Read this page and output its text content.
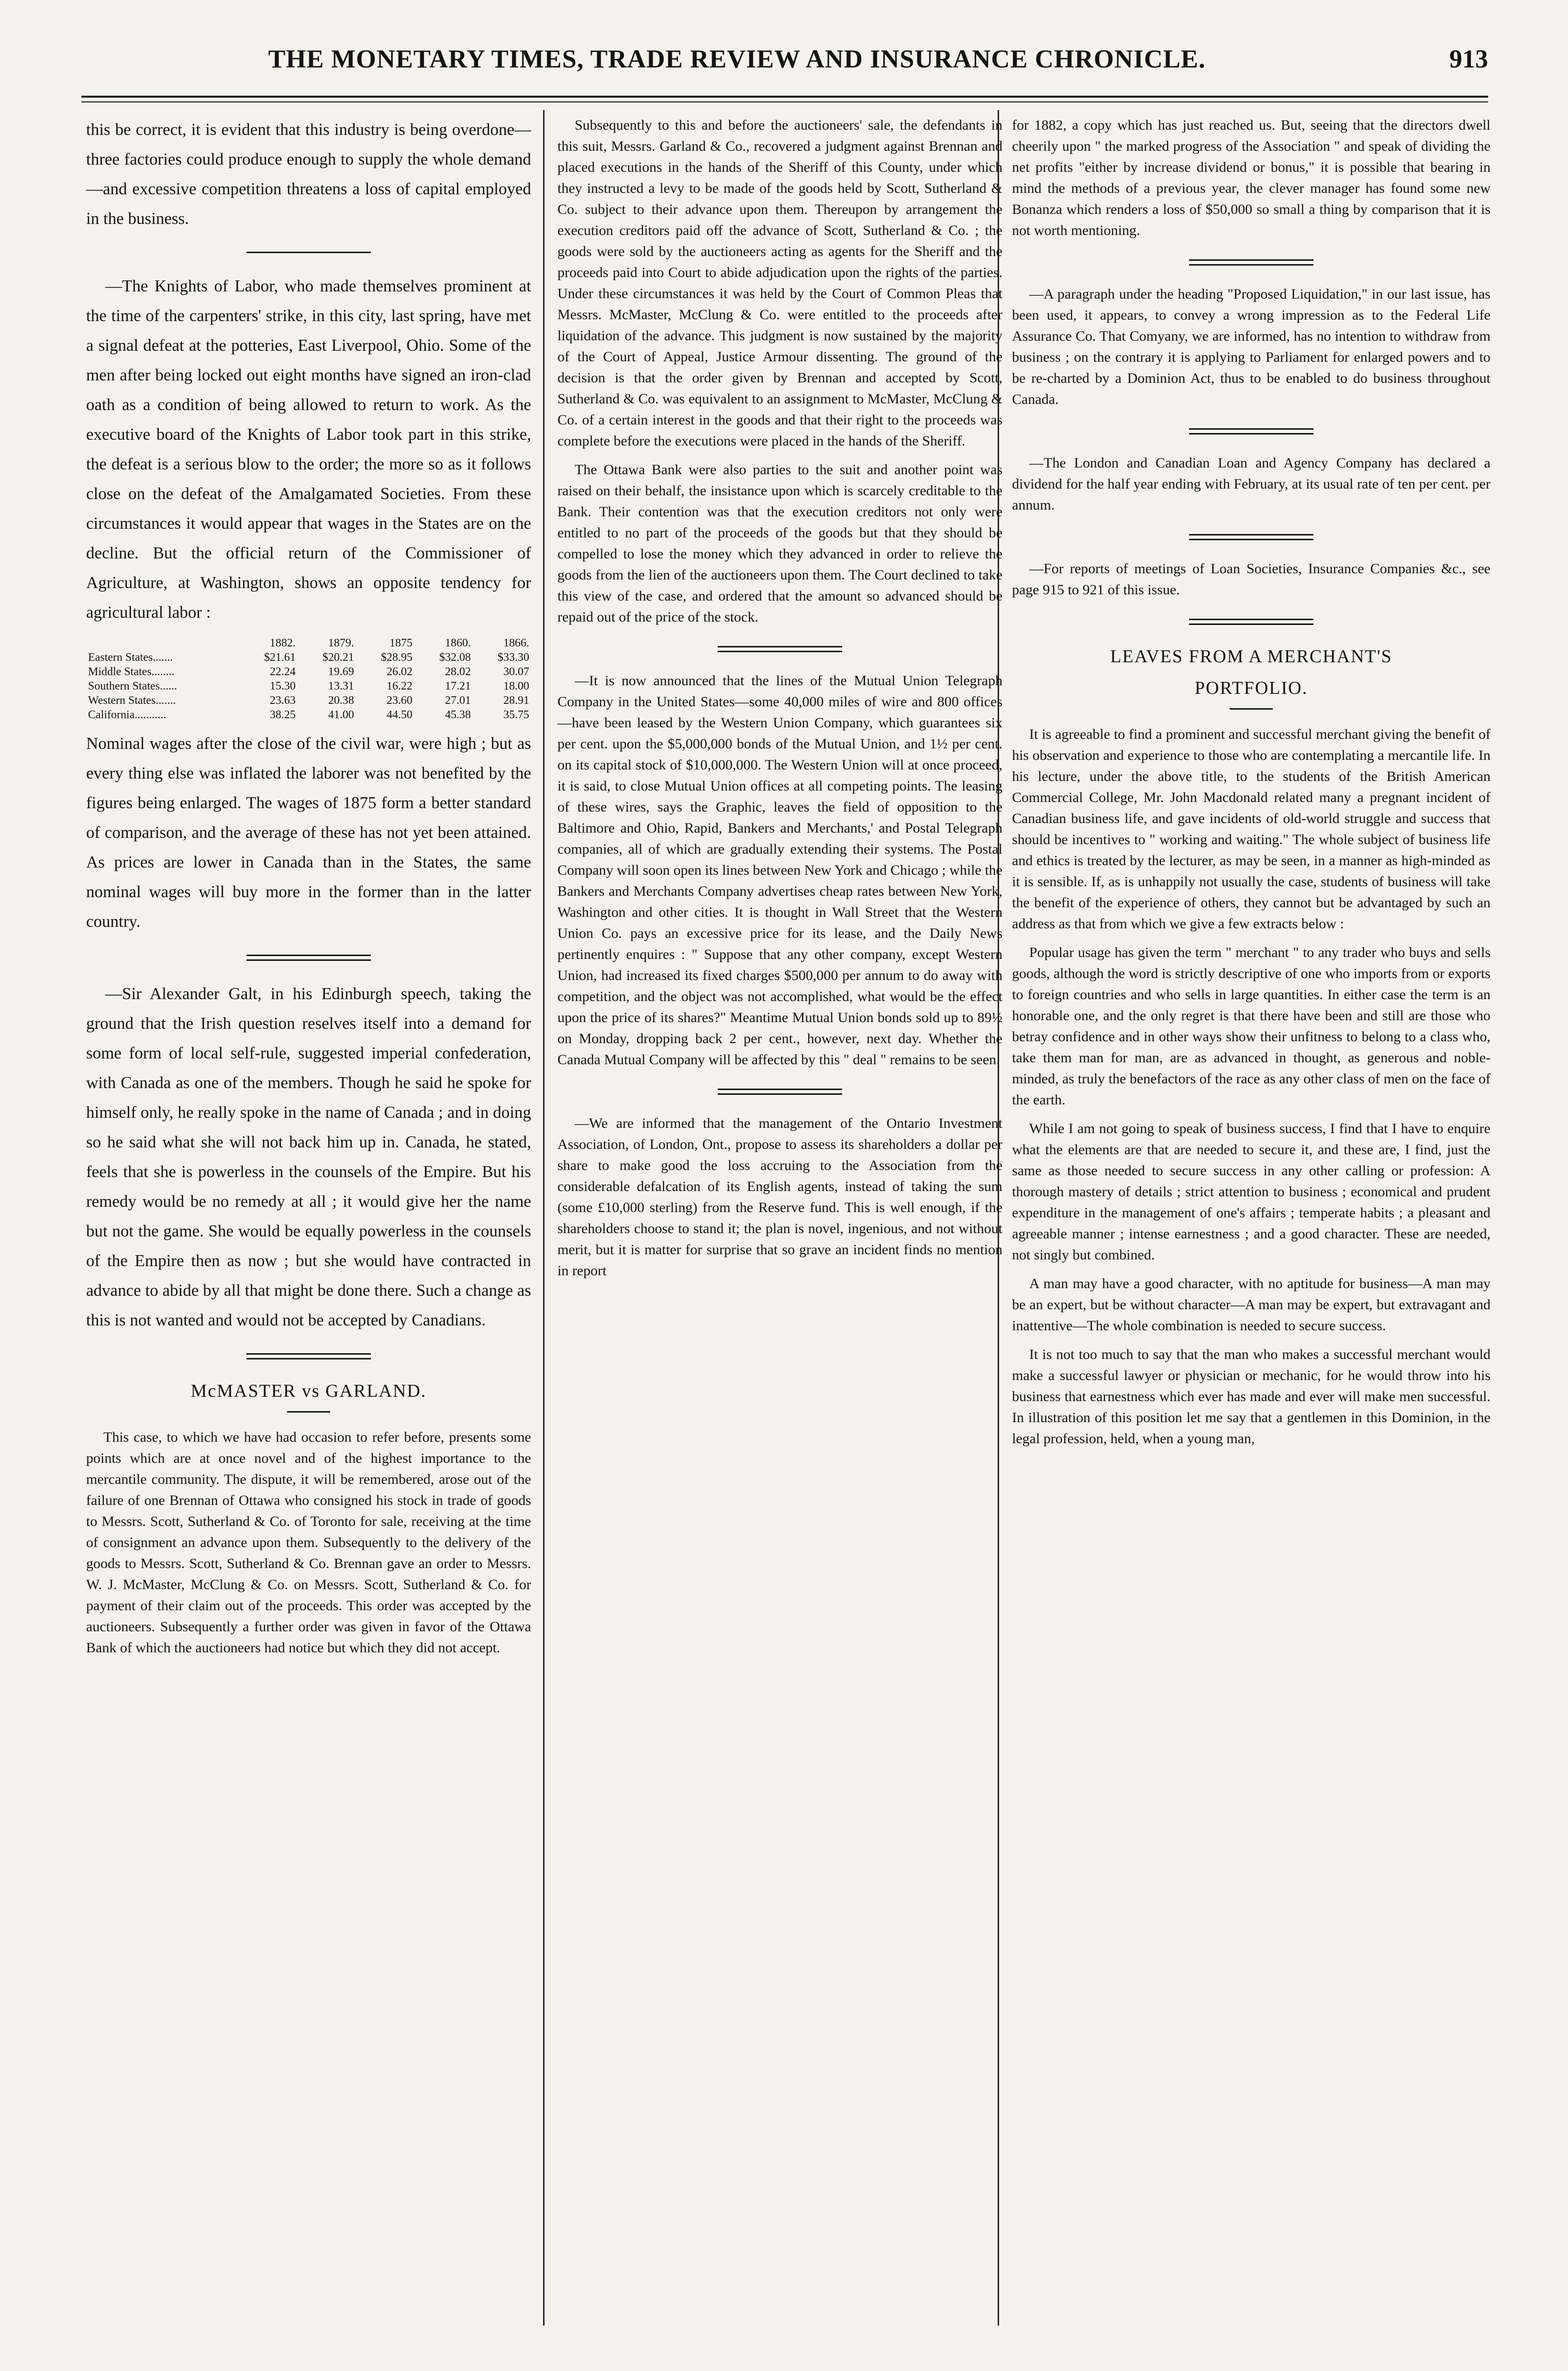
THE MONETARY TIMES, TRADE REVIEW AND INSURANCE CHRONICLE.	913

this be correct, it is evident that this industry is being overdone—three factories could produce enough to supply the whole demand —and excessive competition threatens a loss of capital employed in the business.

—The Knights of Labor, who made themselves prominent at the time of the carpenters' strike, in this city, last spring, have met a signal defeat at the potteries, East Liverpool, Ohio. Some of the men after being locked out eight months have signed an iron-clad oath as a condition of being allowed to return to work. As the executive board of the Knights of Labor took part in this strike, the defeat is a serious blow to the order; the more so as it follows close on the defeat of the Amalgamated Societies. From these circumstances it would appear that wages in the States are on the decline. But the official return of the Commissioner of Agriculture, at Washington, shows an opposite tendency for agricultural labor :

	1882.	1879.	1875	1860.	1866.
Eastern States.......	$21.61	$20.21	$28.95	$32.08	$33.30
Middle States........	22.24	19.69	26.02	28.02	30.07
Southern States......	15.30	13.31	16.22	17.21	18.00
Western States.......	23.63	20.38	23.60	27.01	28.91
California...........	38.25	41.00	44.50	45.38	35.75

Nominal wages after the close of the civil war, were high ; but as every thing else was inflated the laborer was not benefited by the figures being enlarged. The wages of 1875 form a better standard of comparison, and the average of these has not yet been attained. As prices are lower in Canada than in the States, the same nominal wages will buy more in the former than in the latter country.

—Sir Alexander Galt, in his Edinburgh speech, taking the ground that the Irish question reselves itself into a demand for some form of local self-rule, suggested imperial confederation, with Canada as one of the members. Though he said he spoke for himself only, he really spoke in the name of Canada ; and in doing so he said what she will not back him up in. Canada, he stated, feels that she is powerless in the counsels of the Empire. But his remedy would be no remedy at all ; it would give her the name but not the game. She would be equally powerless in the counsels of the Empire then as now ; but she would have contracted in advance to abide by all that might be done there. Such a change as this is not wanted and would not be accepted by Canadians.

McMASTER vs GARLAND.

This case, to which we have had occasion to refer before, presents some points which are at once novel and of the highest importance to the mercantile community. The dispute, it will be remembered, arose out of the failure of one Brennan of Ottawa who consigned his stock in trade of goods to Messrs. Scott, Sutherland & Co. of Toronto for sale, receiving at the time of consignment an advance upon them. Subsequently to the delivery of the goods to Messrs. Scott, Sutherland & Co. Brennan gave an order to Messrs. W. J. McMaster, McClung & Co. on Messrs. Scott, Sutherland & Co. for payment of their claim out of the proceeds. This order was accepted by the auctioneers. Subsequently a further order was given in favor of the Ottawa Bank of which the auctioneers had notice but which they did not accept.

Subsequently to this and before the auctioneers' sale, the defendants in this suit, Messrs. Garland & Co., recovered a judgment against Brennan and placed executions in the hands of the Sheriff of this County, under which they instructed a levy to be made of the goods held by Scott, Sutherland & Co. subject to their advance upon them. Thereupon by arrangement the execution creditors paid off the advance of Scott, Sutherland & Co. ; the goods were sold by the auctioneers acting as agents for the Sheriff and the proceeds paid into Court to abide adjudication upon the rights of the parties. Under these circumstances it was held by the Court of Common Pleas that Messrs. McMaster, McClung & Co. were entitled to the proceeds after liquidation of the advance. This judgment is now sustained by the majority of the Court of Appeal, Justice Armour dissenting. The ground of the decision is that the order given by Brennan and accepted by Scott, Sutherland & Co. was equivalent to an assignment to McMaster, McClung & Co. of a certain interest in the goods and that their right to the proceeds was complete before the executions were placed in the hands of the Sheriff.

The Ottawa Bank were also parties to the suit and another point was raised on their behalf, the insistance upon which is scarcely creditable to the Bank. Their contention was that the execution creditors not only were entitled to no part of the proceeds of the goods but that they should be compelled to lose the money which they advanced in order to relieve the goods from the lien of the auctioneers upon them. The Court declined to take this view of the case, and ordered that the amount so advanced should be repaid out of the price of the stock.

—It is now announced that the lines of the Mutual Union Telegraph Company in the United States—some 40,000 miles of wire and 800 offices—have been leased by the Western Union Company, which guarantees six per cent. upon the $5,000,000 bonds of the Mutual Union, and 1½ per cent. on its capital stock of $10,000,000. The Western Union will at once proceed, it is said, to close Mutual Union offices at all competing points. The leasing of these wires, says the Graphic, leaves the field of opposition to the Baltimore and Ohio, Rapid, Bankers and Merchants,' and Postal Telegraph companies, all of which are gradually extending their systems. The Postal Company will soon open its lines between New York and Chicago ; while the Bankers and Merchants Company advertises cheap rates between New York, Washington and other cities. It is thought in Wall Street that the Western Union Co. pays an excessive price for its lease, and the Daily News pertinently enquires : " Suppose that any other company, except Western Union, had increased its fixed charges $500,000 per annum to do away with competition, and the object was not accomplished, what would be the effect upon the price of its shares?" Meantime Mutual Union bonds sold up to 89½ on Monday, dropping back 2 per cent., however, next day. Whether the Canada Mutual Company will be affected by this " deal " remains to be seen.

—We are informed that the management of the Ontario Investment Association, of London, Ont., propose to assess its shareholders a dollar per share to make good the loss accruing to the Association from the considerable defalcation of its English agents, instead of taking the sum (some £10,000 sterling) from the Reserve fund. This is well enough, if the shareholders choose to stand it; the plan is novel, ingenious, and not without merit, but it is matter for surprise that so grave an incident finds no mention in report

for 1882, a copy which has just reached us. But, seeing that the directors dwell cheerily upon " the marked progress of the Association " and speak of dividing the net profits "either by increase dividend or bonus," it is possible that bearing in mind the methods of a previous year, the clever manager has found some new Bonanza which renders a loss of $50,000 so small a thing by comparison that it is not worth mentioning.

—A paragraph under the heading "Proposed Liquidation," in our last issue, has been used, it appears, to convey a wrong impression as to the Federal Life Assurance Co. That Comyany, we are informed, has no intention to withdraw from business ; on the contrary it is applying to Parliament for enlarged powers and to be re-charted by a Dominion Act, thus to be enabled to do business throughout Canada.

—The London and Canadian Loan and Agency Company has declared a dividend for the half year ending with February, at its usual rate of ten per cent. per annum.

—For reports of meetings of Loan Societies, Insurance Companies &c., see page 915 to 921 of this issue.

LEAVES FROM A MERCHANT'S
PORTFOLIO.

It is agreeable to find a prominent and successful merchant giving the benefit of his observation and experience to those who are contemplating a mercantile life. In his lecture, under the above title, to the students of the British American Commercial College, Mr. John Macdonald related many a pregnant incident of Canadian business life, and gave incidents of old-world struggle and success that should be incentives to " working and waiting." The whole subject of business life and ethics is treated by the lecturer, as may be seen, in a manner as high-minded as it is sensible. If, as is unhappily not usually the case, students of business will take the benefit of the experience of others, they cannot but be advantaged by such an address as that from which we give a few extracts below :

Popular usage has given the term " merchant " to any trader who buys and sells goods, although the word is strictly descriptive of one who imports from or exports to foreign countries and who sells in large quantities. In either case the term is an honorable one, and the only regret is that there have been and still are those who betray confidence and in other ways show their unfitness to belong to a class who, take them man for man, are as advanced in thought, as generous and noble-minded, as truly the benefactors of the race as any other class of men on the face of the earth.

While I am not going to speak of business success, I find that I have to enquire what the elements are that are needed to secure it, and these are, I find, just the same as those needed to secure success in any other calling or profession: A thorough mastery of details ; strict attention to business ; economical and prudent expenditure in the management of one's affairs ; temperate habits ; a pleasant and agreeable manner ; intense earnestness ; and a good character. These are needed, not singly but combined.

A man may have a good character, with no aptitude for business—A man may be an expert, but be without character—A man may be expert, but extravagant and inattentive—The whole combination is needed to secure success.

It is not too much to say that the man who makes a successful merchant would make a successful lawyer or physician or mechanic, for he would throw into his business that earnestness which ever has made and ever will make men successful. In illustration of this position let me say that a gentlemen in this Dominion, in the legal profession, held, when a young man,
